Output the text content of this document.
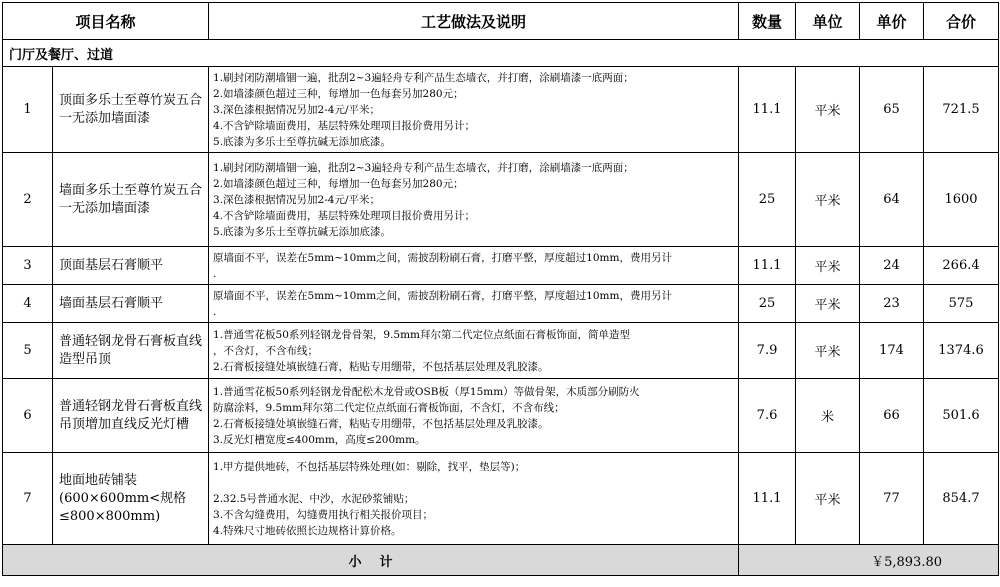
项目名称		工艺做法及说明	数量	单位	单价	合价
门厅及餐厅、过道						
1	顶面多乐士至尊竹炭五合一无添加墙面漆	1.刷封闭防潮墙锢一遍，批刮2~3遍轻舟专利产品生态墙衣，并打磨，涂刷墙漆一底两面；
2.如墙漆颜色超过三种，每增加一色每套另加280元；
3.深色漆根据情况另加2-4元/平米；
4.不含铲除墙面费用，基层特殊处理项目报价费用另计；
5.底漆为多乐士至尊抗碱无添加底漆。	11.1	平米	65	721.5
2	墙面多乐士至尊竹炭五合一无添加墙面漆	1.刷封闭防潮墙锢一遍，批刮2~3遍轻舟专利产品生态墙衣，并打磨，涂刷墙漆一底两面；
2.如墙漆颜色超过三种，每增加一色每套另加280元；
3.深色漆根据情况另加2-4元/平米；
4.不含铲除墙面费用，基层特殊处理项目报价费用另计；
5.底漆为多乐士至尊抗碱无添加底漆。	25	平米	64	1600
3	顶面基层石膏顺平	原墙面不平，误差在5mm~10mm之间，需披刮粉刷石膏，打磨平整，厚度超过10mm，费用另计
.	11.1	平米	24	266.4
4	墙面基层石膏顺平	原墙面不平，误差在5mm~10mm之间，需披刮粉刷石膏，打磨平整，厚度超过10mm，费用另计
.	25	平米	23	575
5	普通轻钢龙骨石膏板直线造型吊顶	1.普通雪花板50系列轻钢龙骨骨架，9.5mm拜尔第二代定位点纸面石膏板饰面，简单造型
，不含灯，不含布线；
2.石膏板接缝处填嵌缝石膏，粘贴专用绷带，不包括基层处理及乳胶漆。	7.9	平米	174	1374.6
6	普通轻钢龙骨石膏板直线吊顶增加直线反光灯槽	1.普通雪花板50系列轻钢龙骨配松木龙骨或OSB板（厚15mm）等做骨架，木质部分刷防火
防腐涂料，9.5mm拜尔第二代定位点纸面石膏板饰面，不含灯，不含布线；
2.石膏板接缝处填嵌缝石膏，粘贴专用绷带，不包括基层处理及乳胶漆。
3.反光灯槽宽度≤400mm，高度≤200mm。	7.6	米	66	501.6
7	地面地砖铺装(600×600mm<规格≤800×800mm)	1.甲方提供地砖，不包括基层特殊处理(如：剔除，找平，垫层等)；

2.32.5号普通水泥、中沙，水泥砂浆铺贴；
3.不含勾缝费用，勾缝费用执行相关报价项目；
4.特殊尺寸地砖依照长边规格计算价格。	11.1	平米	77	854.7
小    计			￥5,893.80			
